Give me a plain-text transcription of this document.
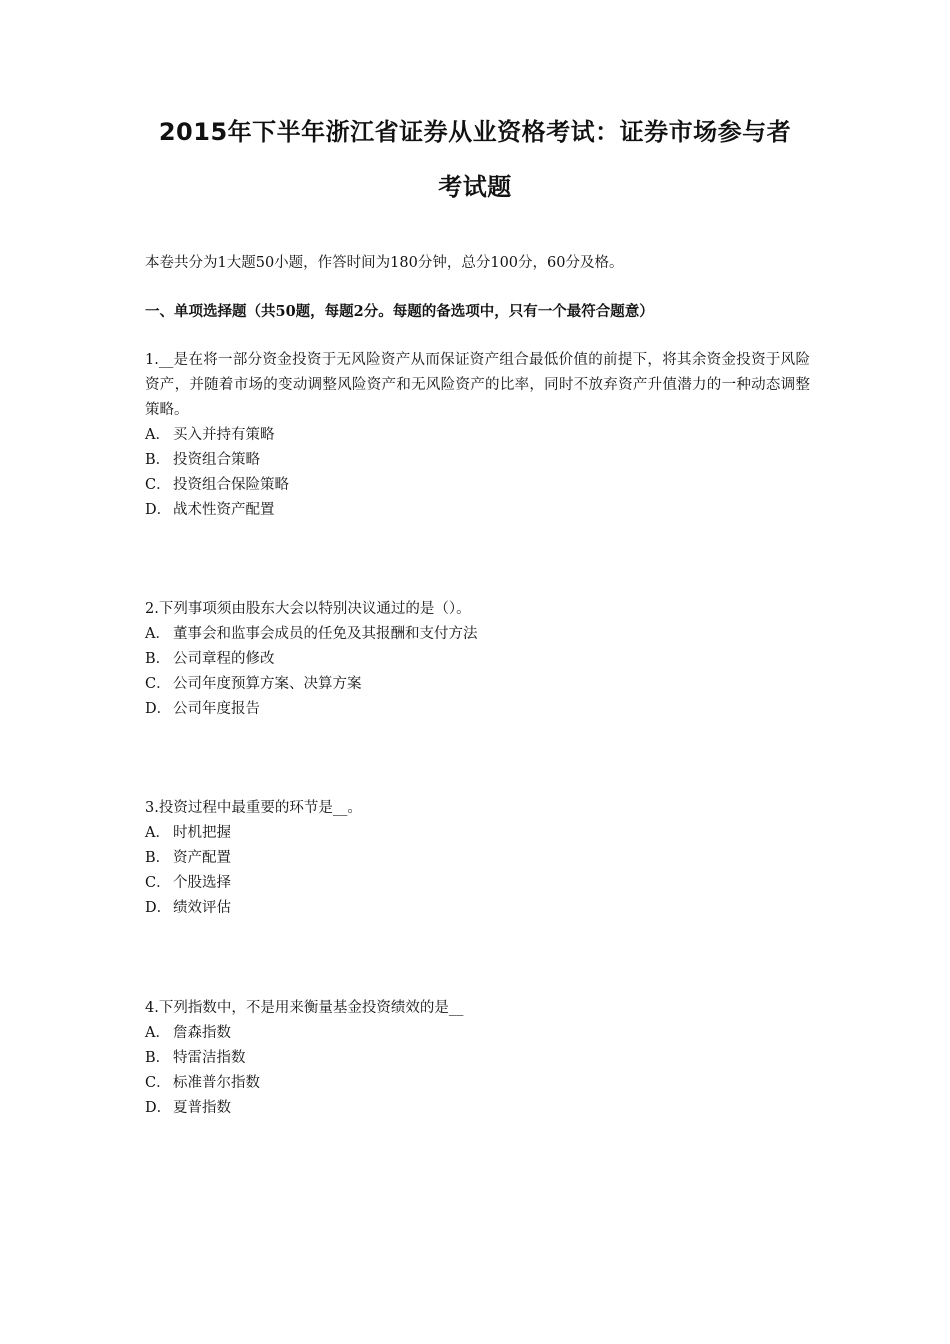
2015年下半年浙江省证券从业资格考试：证券市场参与者
考试题
本卷共分为1大题50小题，作答时间为180分钟，总分100分，60分及格。
一、单项选择题（共50题，每题2分。每题的备选项中，只有一个最符合题意）
1.__是在将一部分资金投资于无风险资产从而保证资产组合最低价值的前提下，将其余资金投资于风险资产，并随着市场的变动调整风险资产和无风险资产的比率，同时不放弃资产升值潜力的一种动态调整策略。
A． 买入并持有策略
B． 投资组合策略
C． 投资组合保险策略
D． 战术性资产配置
2.下列事项须由股东大会以特别决议通过的是（）。
A． 董事会和监事会成员的任免及其报酬和支付方法
B． 公司章程的修改
C． 公司年度预算方案、决算方案
D． 公司年度报告
3.投资过程中最重要的环节是__。
A． 时机把握
B． 资产配置
C． 个股选择
D． 绩效评估
4.下列指数中，不是用来衡量基金投资绩效的是__
A． 詹森指数
B． 特雷洁指数
C． 标准普尔指数
D． 夏普指数
